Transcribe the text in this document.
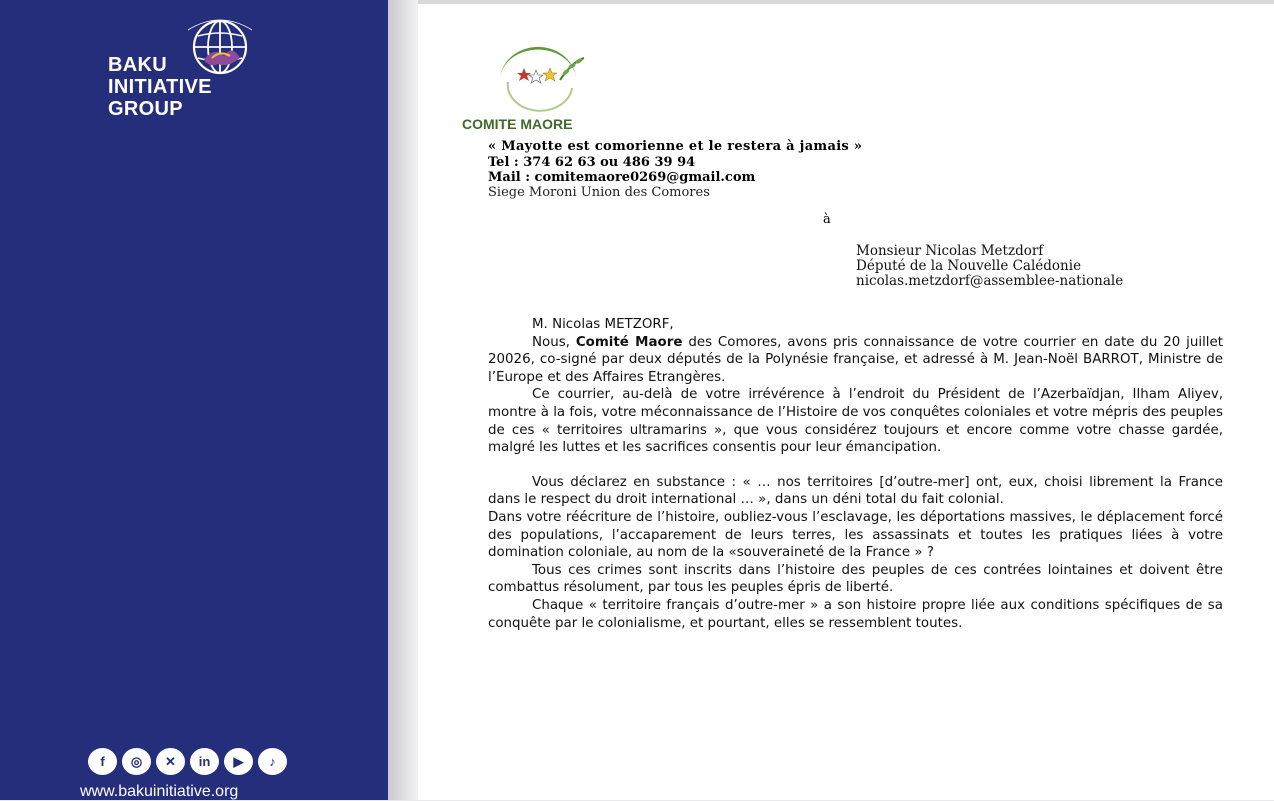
BAKU
INITIATIVE
GROUP
f	◎	✕	in	▶	♪
www.bakuinitiative.org
COMITE MAORE
« Mayotte est comorienne et le restera à jamais »
Tel : 374 62 63 ou 486 39 94
Mail : comitemaore0269@gmail.com
Siege Moroni Union des Comores
à
Monsieur Nicolas Metzdorf
Député de la Nouvelle Calédonie
nicolas.metzdorf@assemblee-nationale

M. Nicolas METZORF,

Nous, Comité Maore des Comores, avons pris connaissance de votre courrier en date du 20 juillet 20026, co-signé par deux députés de la Polynésie française, et adressé à M. Jean-Noël BARROT, Ministre de l’Europe et des Affaires Etrangères.

Ce courrier, au-delà de votre irrévérence à l’endroit du Président de l’Azerbaïdjan, Ilham Aliyev, montre à la fois, votre méconnaissance de l’Histoire de vos conquêtes coloniales et votre mépris des peuples de ces « territoires ultramarins », que vous considérez toujours et encore comme votre chasse gardée, malgré les luttes et les sacrifices consentis pour leur émancipation.

Vous déclarez en substance : « … nos territoires [d’outre-mer] ont, eux, choisi librement la France dans le respect du droit international … », dans un déni total du fait colonial.

Dans votre réécriture de l’histoire, oubliez-vous l’esclavage, les déportations massives, le déplacement forcé des populations, l’accaparement de leurs terres, les assassinats et toutes les pratiques liées à votre domination coloniale, au nom de la «souveraineté de la France » ?

Tous ces crimes sont inscrits dans l’histoire des peuples de ces contrées lointaines et doivent être combattus résolument, par tous les peuples épris de liberté.

Chaque « territoire français d’outre-mer » a son histoire propre liée aux conditions spécifiques de sa conquête par le colonialisme, et pourtant, elles se ressemblent toutes.
